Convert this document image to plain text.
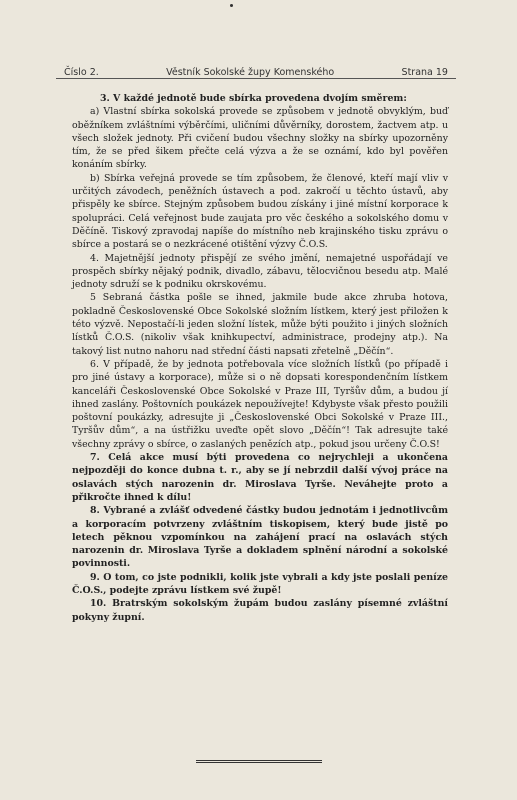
Číslo 2.	Věstník Sokolské župy Komenského	Strana 19

3. V každé jednotě bude sbírka provedena dvojím směrem:

a) Vlastní sbírka sokolská provede se způsobem v jednotě obvyklým, buď oběžníkem zvláštními výběrčími, uličními důvěrníky, dorostem, žactvem atp. u všech složek jednoty. Při cvičení budou všechny složky na sbírky upozorněny tím, že se před šikem přečte celá výzva a že se oznámí, kdo byl pověřen konáním sbírky.

b) Sbírka veřejná provede se tím způsobem, že členové, kteří mají vliv v určitých závodech, peněžních ústavech a pod. zakročí u těchto ústavů, aby přispěly ke sbírce. Stejným způsobem budou získány i jiné místní korporace k spolupráci. Celá veřejnost bude zaujata pro věc českého a sokolského domu v Děčíně. Tiskový zpravodaj napíše do místního neb krajinského tisku zprávu o sbírce a postará se o nezkrácené otištění výzvy Č.O.S.

4. Majetnější jednoty přispějí ze svého jmění, nemajetné uspořádají ve prospěch sbírky nějaký podnik, divadlo, zábavu, tělocvičnou besedu atp. Malé jednoty sdruží se k podniku okrskovému.

5 Sebraná částka pošle se ihned, jakmile bude akce zhruba hotova, pokladně Československé Obce Sokolské složním lístkem, který jest přiložen k této výzvě. Nepostačí-li jeden složní lístek, může býti použito i jiných složních lístků Č.O.S. (nikoliv však knihkupectví, administrace, prodejny atp.). Na takový list nutno nahoru nad střední části napsati zřetelně „Děčín“.

6. V případě, že by jednota potřebovala více složních lístků (po případě i pro jiné ústavy a korporace), může si o ně dopsati korespondenčním lístkem kanceláři Československé Obce Sokolské v Praze III, Tyršův dům, a budou jí ihned zaslány. Poštovních poukázek nepoužívejte! Kdybyste však přesto použili poštovní poukázky, adresujte ji „Československé Obci Sokolské v Praze III., Tyršův dům“, a na ústřižku uveďte opět slovo „Děčín“! Tak adresujte také všechny zprávy o sbírce, o zaslaných penězích atp., pokud jsou určeny Č.O.S!

7. Celá akce musí býti provedena co nejrychleji a ukončena nejpozději do konce dubna t. r., aby se jí nebrzdil další vývoj práce na oslavách stých narozenin dr. Miroslava Tyrše. Neváhejte proto a přikročte ihned k dílu!

8. Vybrané a zvlášť odvedené částky budou jednotám i jednotlivcům a korporacím potvrzeny zvláštním tiskopisem, který bude jistě po letech pěknou vzpomínkou na zahájení prací na oslavách stých narozenin dr. Miroslava Tyrše a dokladem splnění národní a sokolské povinnosti.

9. O tom, co jste podnikli, kolik jste vybrali a kdy jste poslali peníze Č.O.S., podejte zprávu lístkem své župě!

10. Bratrským sokolským župám budou zaslány písemné zvláštní pokyny župní.
